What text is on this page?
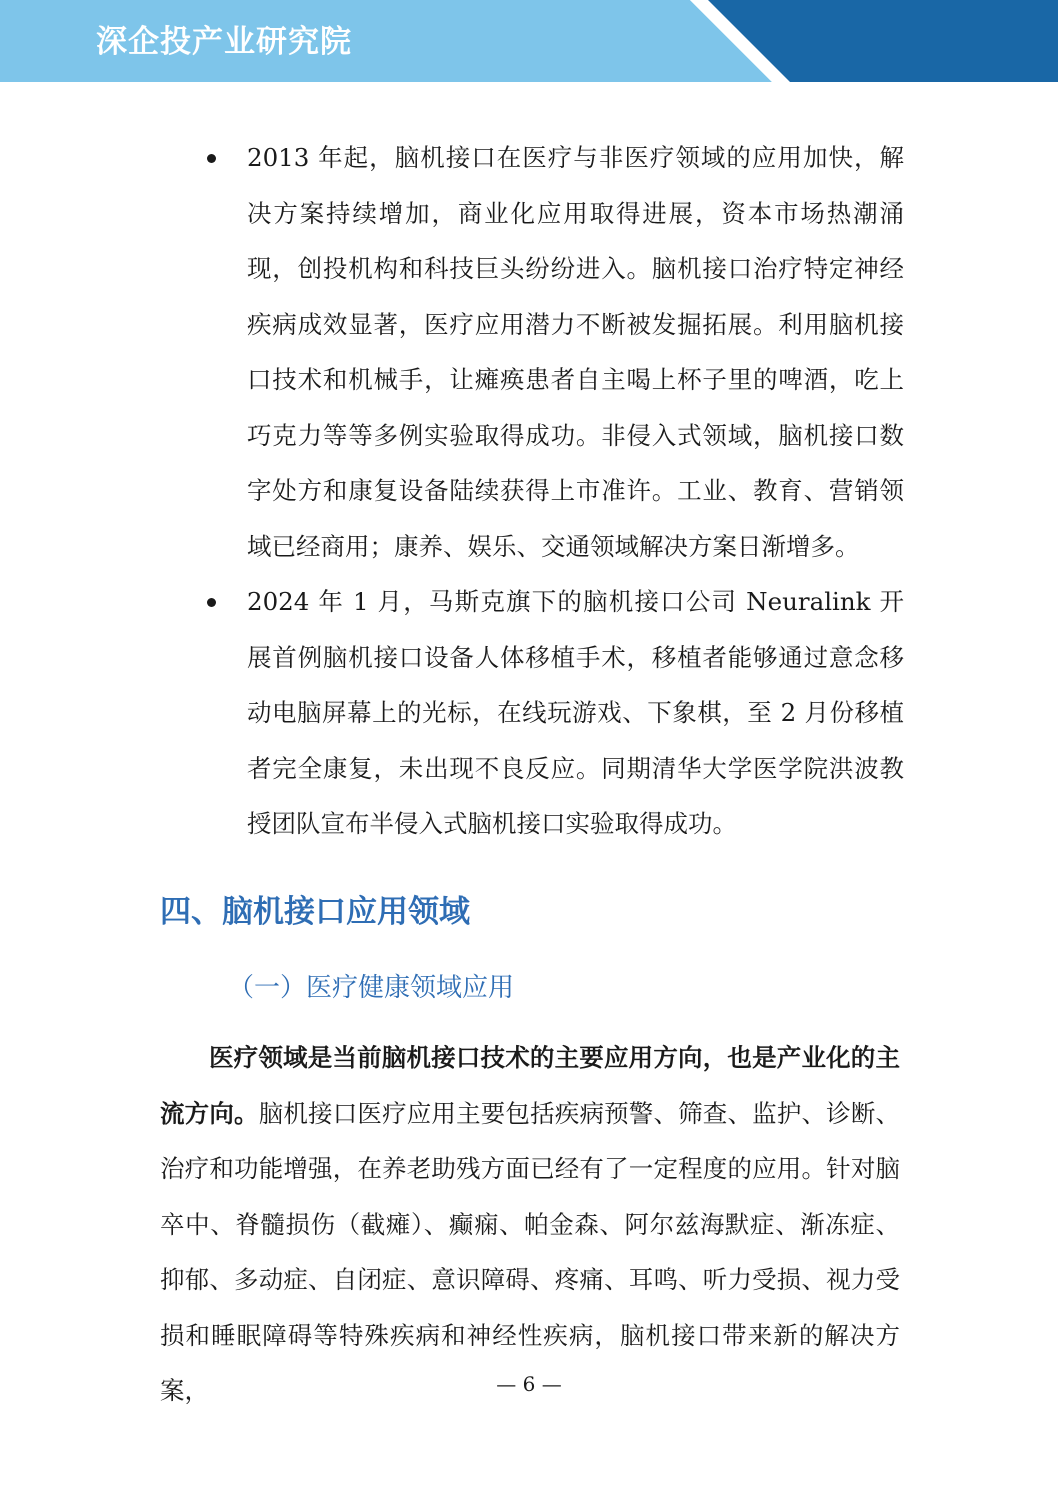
深企投产业研究院
2013 年起，脑机接口在医疗与非医疗领域的应用加快，解决方案持续增加，商业化应用取得进展，资本市场热潮涌现，创投机构和科技巨头纷纷进入。脑机接口治疗特定神经疾病成效显著，医疗应用潜力不断被发掘拓展。利用脑机接口技术和机械手，让瘫痪患者自主喝上杯子里的啤酒，吃上巧克力等等多例实验取得成功。非侵入式领域，脑机接口数字处方和康复设备陆续获得上市准许。工业、教育、营销领域已经商用；康养、娱乐、交通领域解决方案日渐增多。
2024 年 1 月，马斯克旗下的脑机接口公司 Neuralink 开展首例脑机接口设备人体移植手术，移植者能够通过意念移动电脑屏幕上的光标，在线玩游戏、下象棋，至 2 月份移植者完全康复，未出现不良反应。同期清华大学医学院洪波教授团队宣布半侵入式脑机接口实验取得成功。
四、脑机接口应用领域
（一）医疗健康领域应用
医疗领域是当前脑机接口技术的主要应用方向，也是产业化的主流方向。脑机接口医疗应用主要包括疾病预警、筛查、监护、诊断、治疗和功能增强，在养老助残方面已经有了一定程度的应用。针对脑卒中、脊髓损伤（截瘫）、癫痫、帕金森、阿尔兹海默症、渐冻症、抑郁、多动症、自闭症、意识障碍、疼痛、耳鸣、听力受损、视力受损和睡眠障碍等特殊疾病和神经性疾病，脑机接口带来新的解决方案，	— 6 —
